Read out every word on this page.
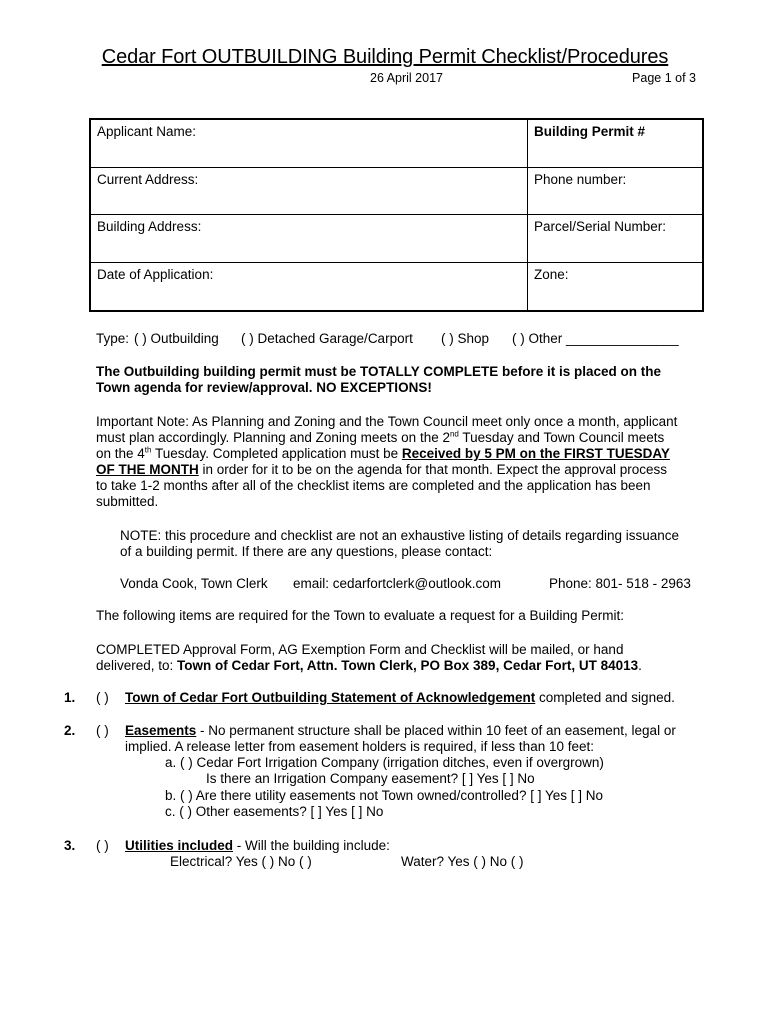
Cedar Fort OUTBUILDING Building Permit Checklist/Procedures
26 April 2017	Page 1 of 3
Applicant Name:	Building Permit #
Current Address:	Phone number:
Building Address:	Parcel/Serial Number:
Date of Application:	Zone:
Type: ( ) Outbuilding ( ) Detached Garage/Carport ( ) Shop ( ) Other _______________
The Outbuilding building permit must be TOTALLY COMPLETE before it is placed on the
Town agenda for review/approval. NO EXCEPTIONS!
Important Note: As Planning and Zoning and the Town Council meet only once a month, applicant
must plan accordingly. Planning and Zoning meets on the 2nd Tuesday and Town Council meets
on the 4th Tuesday. Completed application must be Received by 5 PM on the FIRST TUESDAY
OF THE MONTH in order for it to be on the agenda for that month. Expect the approval process
to take 1-2 months after all of the checklist items are completed and the application has been
submitted.
NOTE: this procedure and checklist are not an exhaustive listing of details regarding issuance
of a building permit. If there are any questions, please contact:
Vonda Cook, Town Clerk email: cedarfortclerk@outlook.com	Phone: 801- 518 - 2963
The following items are required for the Town to evaluate a request for a Building Permit:
COMPLETED Approval Form, AG Exemption Form and Checklist will be mailed, or hand
delivered, to: Town of Cedar Fort, Attn. Town Clerk, PO Box 389, Cedar Fort, UT 84013.
1. ( ) Town of Cedar Fort Outbuilding Statement of Acknowledgement completed and signed.
2. ( ) Easements - No permanent structure shall be placed within 10 feet of an easement, legal or
implied. A release letter from easement holders is required, if less than 10 feet:
a. ( ) Cedar Fort Irrigation Company (irrigation ditches, even if overgrown)
Is there an Irrigation Company easement? [ ] Yes [ ] No
b. ( ) Are there utility easements not Town owned/controlled? [ ] Yes [ ] No
c. ( ) Other easements? [ ] Yes [ ] No
3. ( ) Utilities included - Will the building include:
Electrical? Yes ( ) No ( )	Water? Yes ( ) No ( )
